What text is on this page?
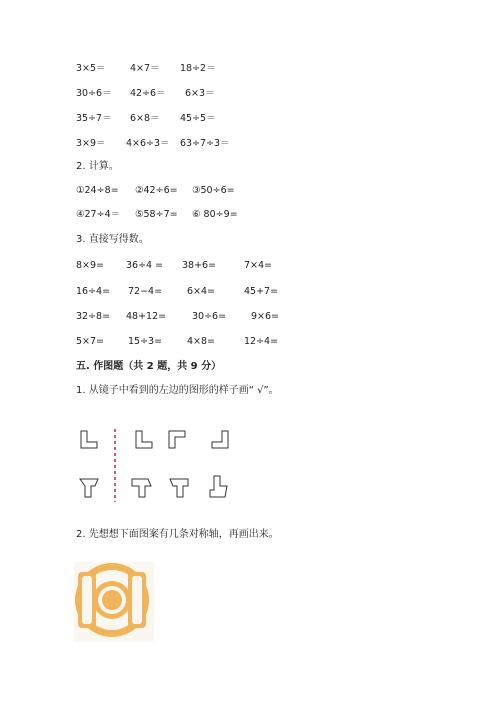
3×5＝	4×7＝ 18÷2＝
30÷6＝ 42÷6＝ 6×3＝
35÷7＝ 6×8＝ 45÷5＝
3×9＝ 4×6÷3＝ 63÷7÷3＝
2. 计算。
①24÷8= ②42÷6= ③50÷6=
④27÷4＝ ⑤58÷7= ⑥ 80÷9=
3. 直接写得数。
8×9= 36÷4 = 38+6=	7×4=
16÷4= 72−4=	6×4=	45+7=
32÷8= 48+12=	30÷6=	9×6=
5×7=	15÷3=	4×8=	12÷4=
五. 作图题（共 2 题，共 9 分）
1. 从镜子中看到的左边的图形的样子画“ √”。
2. 先想想下面图案有几条对称轴，再画出来。
